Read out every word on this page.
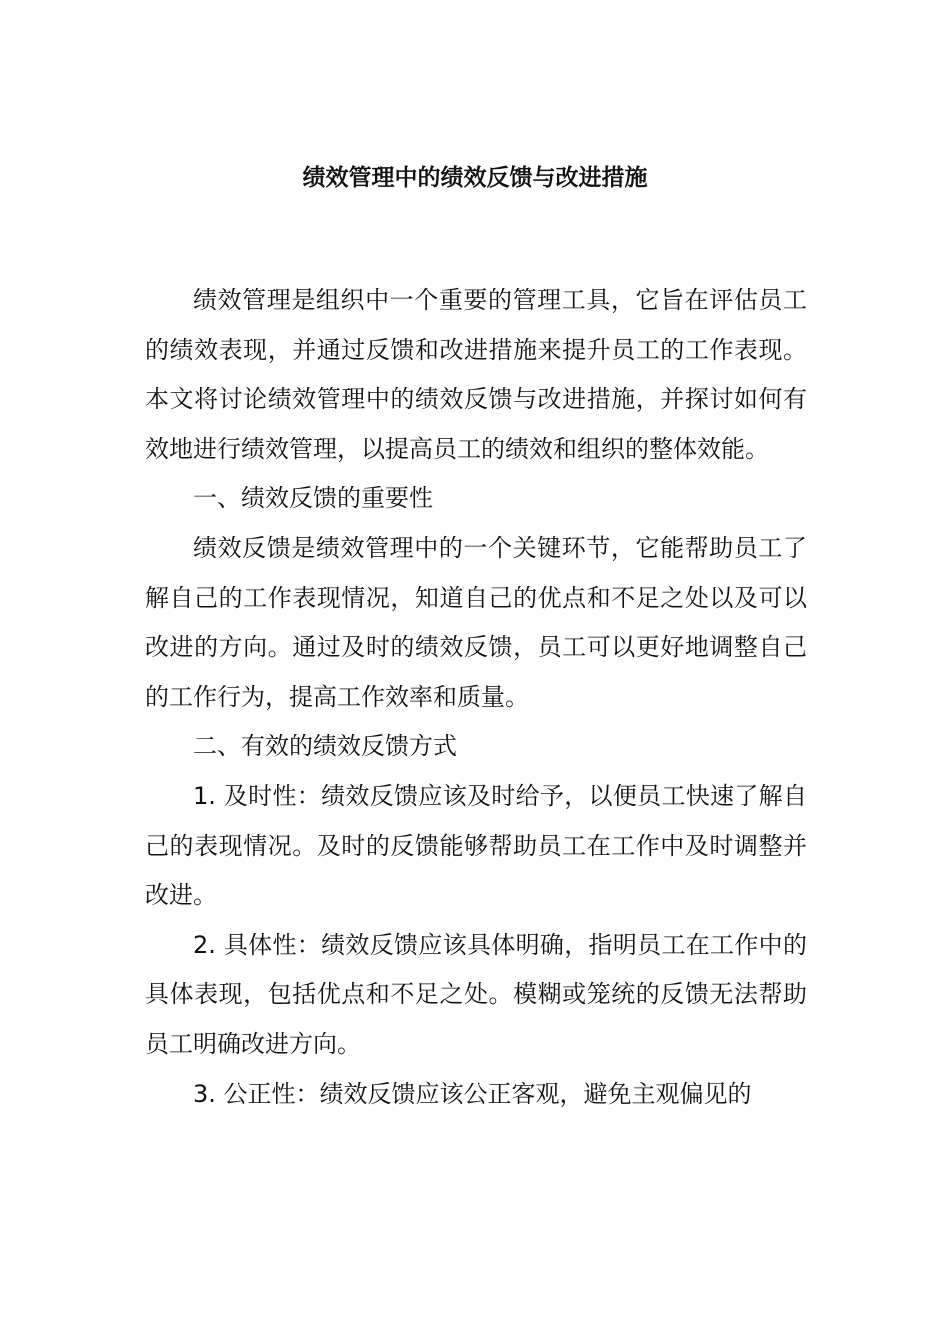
绩效管理中的绩效反馈与改进措施

绩效管理是组织中一个重要的管理工具，它旨在评估员工的绩效表现，并通过反馈和改进措施来提升员工的工作表现。本文将讨论绩效管理中的绩效反馈与改进措施，并探讨如何有效地进行绩效管理，以提高员工的绩效和组织的整体效能。

一、绩效反馈的重要性

绩效反馈是绩效管理中的一个关键环节，它能帮助员工了解自己的工作表现情况，知道自己的优点和不足之处以及可以改进的方向。通过及时的绩效反馈，员工可以更好地调整自己的工作行为，提高工作效率和质量。

二、有效的绩效反馈方式

1. 及时性：绩效反馈应该及时给予，以便员工快速了解自己的表现情况。及时的反馈能够帮助员工在工作中及时调整并改进。

2. 具体性：绩效反馈应该具体明确，指明员工在工作中的具体表现，包括优点和不足之处。模糊或笼统的反馈无法帮助员工明确改进方向。

3. 公正性：绩效反馈应该公正客观，避免主观偏见的
